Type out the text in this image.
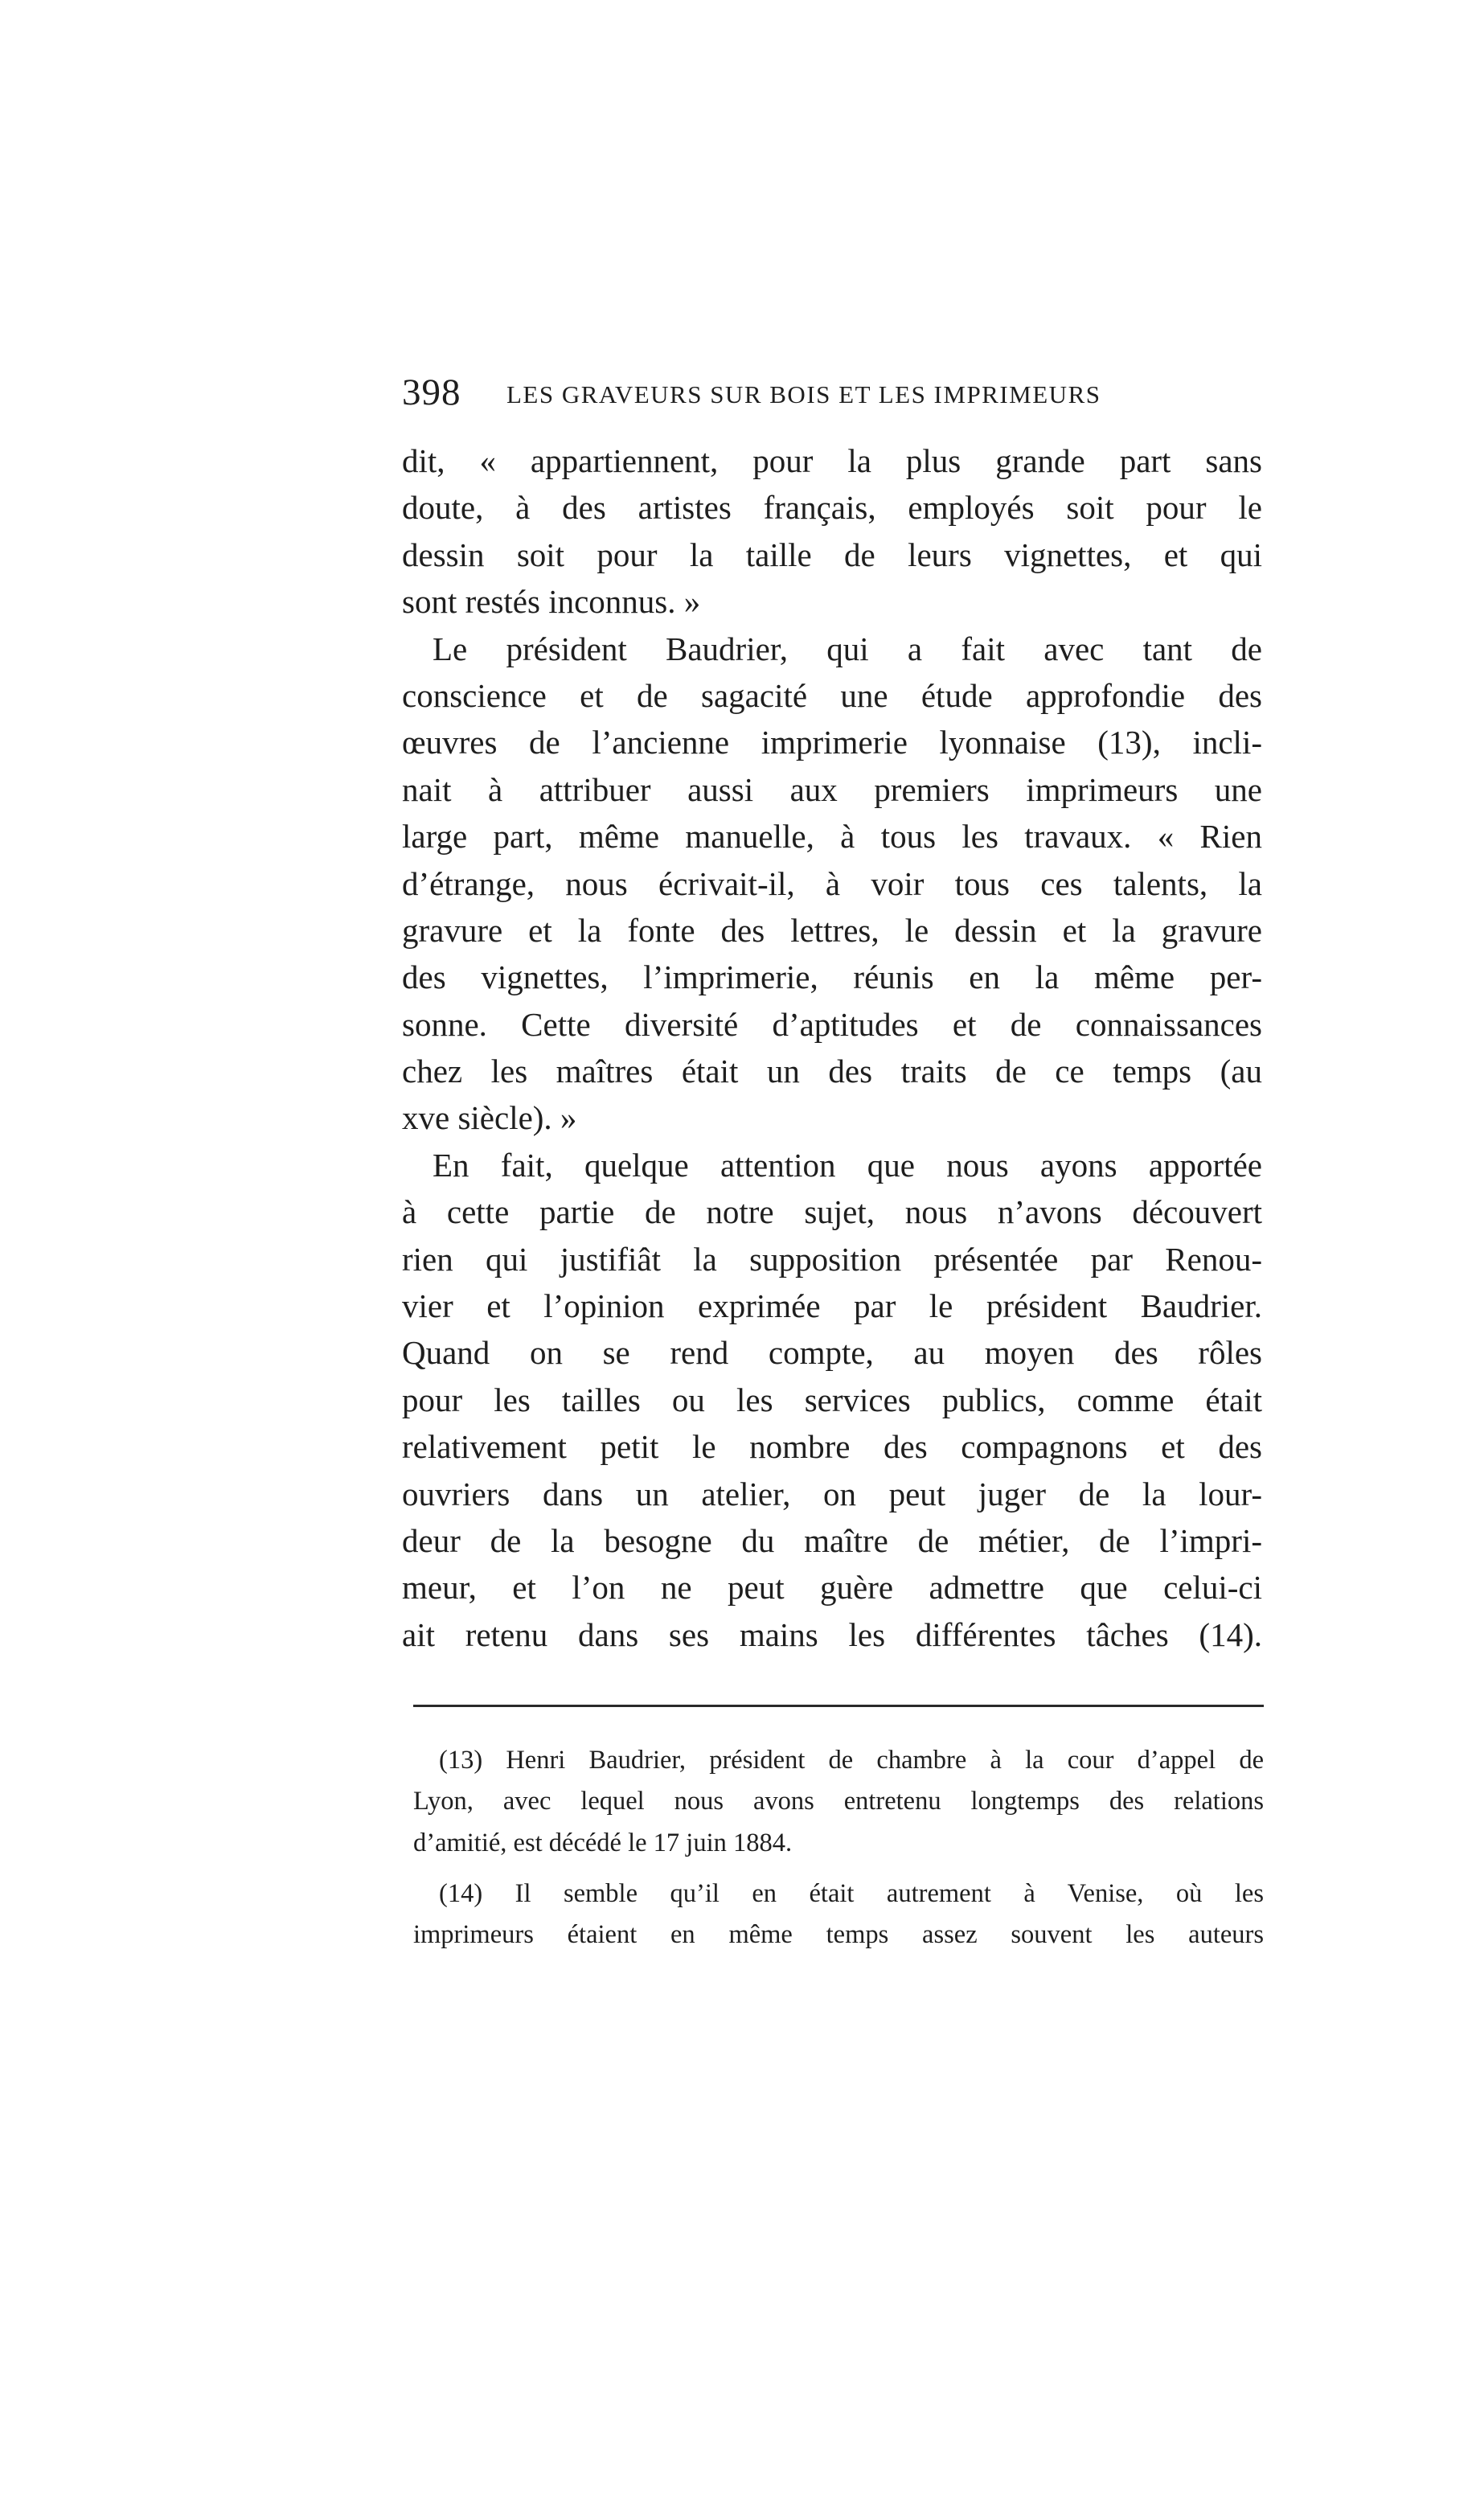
398 LES GRAVEURS SUR BOIS ET LES IMPRIMEURS
dit, « appartiennent, pour la plus grande part sans
doute, à des artistes français, employés soit pour le
dessin soit pour la taille de leurs vignettes, et qui
sont restés inconnus. »
Le président Baudrier, qui a fait avec tant de
conscience et de sagacité une étude approfondie des
œuvres de l’ancienne imprimerie lyonnaise (13), incli-
nait à attribuer aussi aux premiers imprimeurs une
large part, même manuelle, à tous les travaux. « Rien
d’étrange, nous écrivait-il, à voir tous ces talents, la
gravure et la fonte des lettres, le dessin et la gravure
des vignettes, l’imprimerie, réunis en la même per-
sonne. Cette diversité d’aptitudes et de connaissances
chez les maîtres était un des traits de ce temps (au
xve siècle). »
En fait, quelque attention que nous ayons apportée
à cette partie de notre sujet, nous n’avons découvert
rien qui justifiât la supposition présentée par Renou-
vier et l’opinion exprimée par le président Baudrier.
Quand on se rend compte, au moyen des rôles
pour les tailles ou les services publics, comme était
relativement petit le nombre des compagnons et des
ouvriers dans un atelier, on peut juger de la lour-
deur de la besogne du maître de métier, de l’impri-
meur, et l’on ne peut guère admettre que celui-ci
ait retenu dans ses mains les différentes tâches (14).
(13) Henri Baudrier, président de chambre à la cour d’appel de
Lyon, avec lequel nous avons entretenu longtemps des relations
d’amitié, est décédé le 17 juin 1884.
(14) Il semble qu’il en était autrement à Venise, où les
imprimeurs étaient en même temps assez souvent les auteurs
